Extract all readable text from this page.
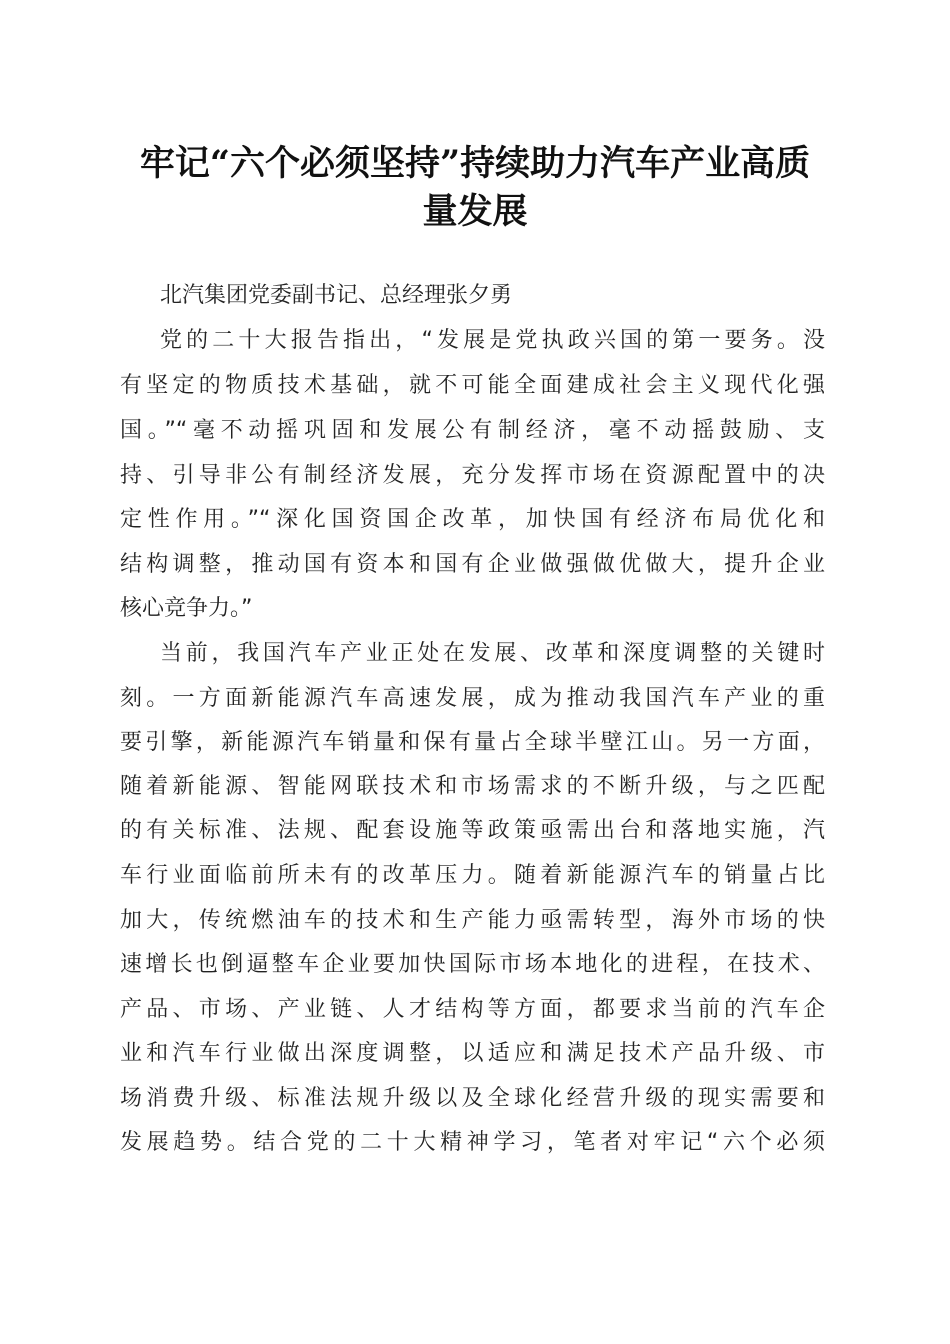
牢记“六个必须坚持”持续助力汽车产业高质
量发展
北汽集团党委副书记、总经理张夕勇
党的二十大报告指出，“发展是党执政兴国的第一要务。没
有坚定的物质技术基础，就不可能全面建成社会主义现代化强
国。”“毫不动摇巩固和发展公有制经济，毫不动摇鼓励、支
持、引导非公有制经济发展，充分发挥市场在资源配置中的决
定性作用。”“深化国资国企改革，加快国有经济布局优化和
结构调整，推动国有资本和国有企业做强做优做大，提升企业
核心竞争力。”
当前，我国汽车产业正处在发展、改革和深度调整的关键时
刻。一方面新能源汽车高速发展，成为推动我国汽车产业的重
要引擎，新能源汽车销量和保有量占全球半壁江山。另一方面，
随着新能源、智能网联技术和市场需求的不断升级，与之匹配
的有关标准、法规、配套设施等政策亟需出台和落地实施，汽
车行业面临前所未有的改革压力。随着新能源汽车的销量占比
加大，传统燃油车的技术和生产能力亟需转型，海外市场的快
速增长也倒逼整车企业要加快国际市场本地化的进程，在技术、
产品、市场、产业链、人才结构等方面，都要求当前的汽车企
业和汽车行业做出深度调整，以适应和满足技术产品升级、市
场消费升级、标准法规升级以及全球化经营升级的现实需要和
发展趋势。结合党的二十大精神学习，笔者对牢记“六个必须
